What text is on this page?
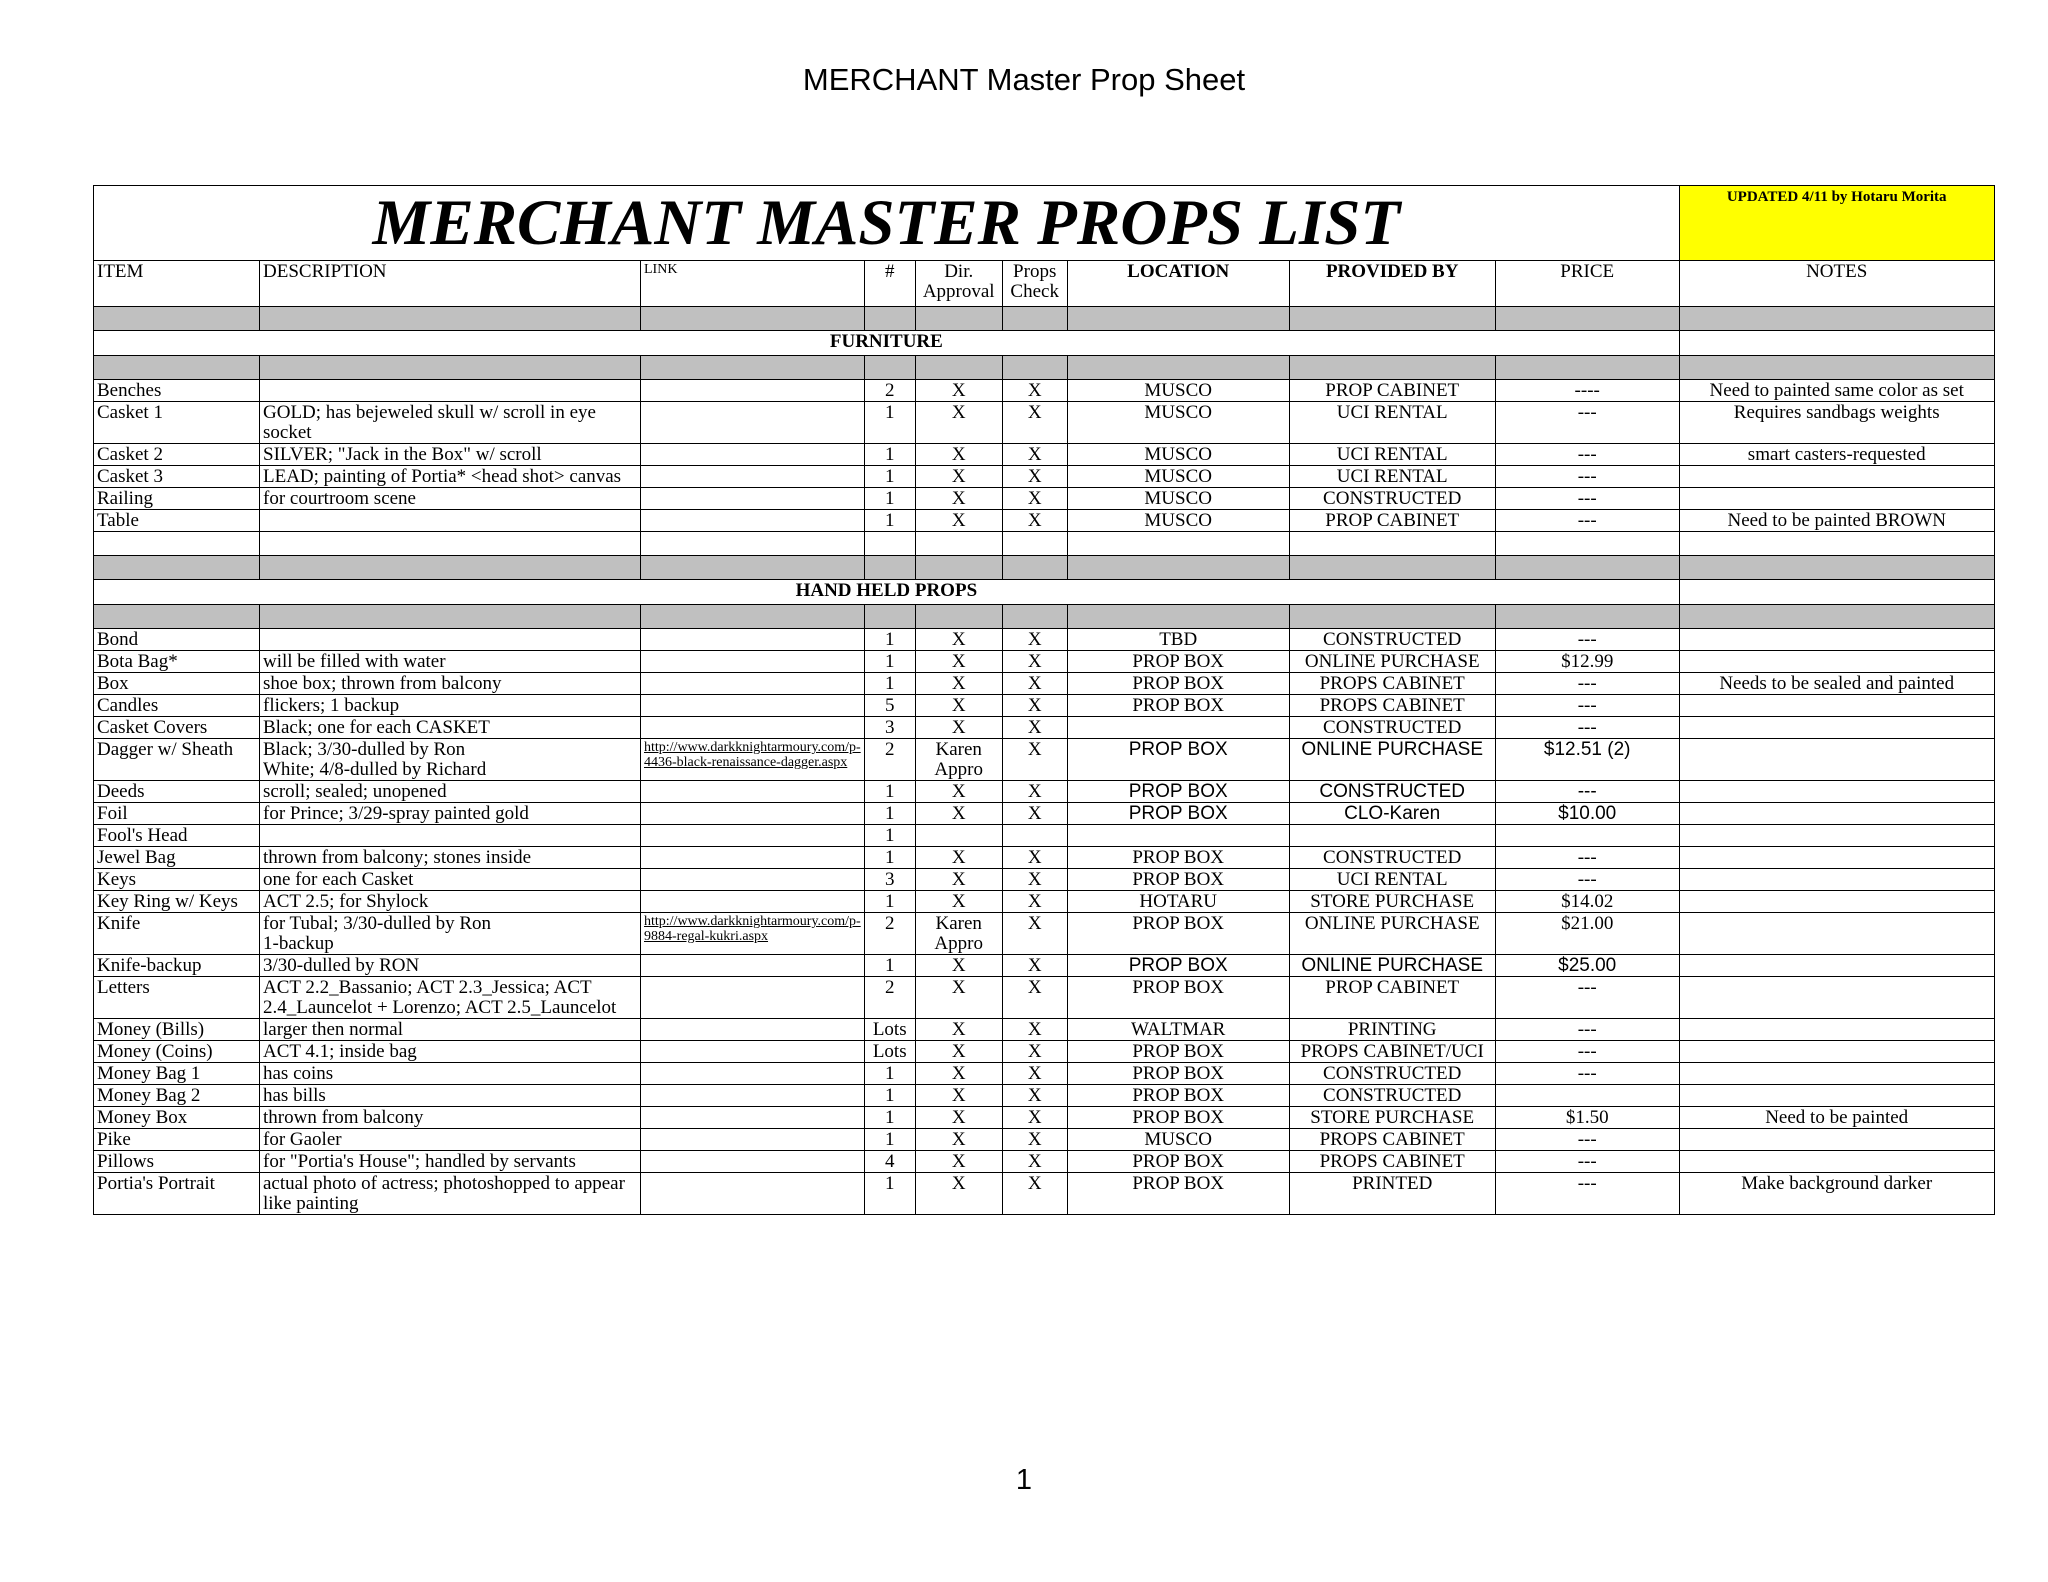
MERCHANT Master Prop Sheet
MERCHANT MASTER PROPS LIST									UPDATED 4/11 by Hotaru Morita
ITEM	DESCRIPTION	LINK	#	Dir. Approval	Props Check	LOCATION	PROVIDED BY	PRICE	NOTES

FURNITURE									

Benches			2	X	X	MUSCO	PROP CABINET	----	Need to painted same color as set
Casket 1	GOLD; has bejeweled skull w/ scroll in eye socket		1	X	X	MUSCO	UCI RENTAL	---	Requires sandbags weights
Casket 2	SILVER; "Jack in the Box" w/ scroll		1	X	X	MUSCO	UCI RENTAL	---	smart casters-requested
Casket 3	LEAD; painting of Portia* <head shot> canvas		1	X	X	MUSCO	UCI RENTAL	---	
Railing	for courtroom scene		1	X	X	MUSCO	CONSTRUCTED	---	
Table			1	X	X	MUSCO	PROP CABINET	---	Need to be painted BROWN

HAND HELD PROPS									

Bond			1	X	X	TBD	CONSTRUCTED	---	
Bota Bag*	will be filled with water		1	X	X	PROP BOX	ONLINE PURCHASE	$12.99	
Box	shoe box; thrown from balcony		1	X	X	PROP BOX	PROPS CABINET	---	Needs to be sealed and painted
Candles	flickers; 1 backup		5	X	X	PROP BOX	PROPS CABINET	---	
Casket Covers	Black; one for each CASKET		3	X	X		CONSTRUCTED	---	
Dagger w/ Sheath	Black; 3/30-dulled by Ron
White; 4/8-dulled by Richard	http://www.darkknightarmoury.com/p-4436-black-renaissance-dagger.aspx	2	Karen Appro	X	PROP BOX	ONLINE PURCHASE	$12.51 (2)	
Deeds	scroll; sealed; unopened		1	X	X	PROP BOX	CONSTRUCTED	---	
Foil	for Prince; 3/29-spray painted gold		1	X	X	PROP BOX	CLO-Karen	$10.00	
Fool's Head			1						
Jewel Bag	thrown from balcony; stones inside		1	X	X	PROP BOX	CONSTRUCTED	---	
Keys	one for each Casket		3	X	X	PROP BOX	UCI RENTAL	---	
Key Ring w/ Keys	ACT 2.5; for Shylock		1	X	X	HOTARU	STORE PURCHASE	$14.02	
Knife	for Tubal; 3/30-dulled by Ron
1-backup	http://www.darkknightarmoury.com/p-9884-regal-kukri.aspx	2	Karen Appro	X	PROP BOX	ONLINE PURCHASE	$21.00	
Knife-backup	3/30-dulled by RON		1	X	X	PROP BOX	ONLINE PURCHASE	$25.00	
Letters	ACT 2.2_Bassanio; ACT 2.3_Jessica; ACT 2.4_Launcelot + Lorenzo; ACT 2.5_Launcelot		2	X	X	PROP BOX	PROP CABINET	---	
Money (Bills)	larger then normal		Lots	X	X	WALTMAR	PRINTING	---	
Money (Coins)	ACT 4.1; inside bag		Lots	X	X	PROP BOX	PROPS CABINET/UCI	---	
Money Bag 1	has coins		1	X	X	PROP BOX	CONSTRUCTED	---	
Money Bag 2	has bills		1	X	X	PROP BOX	CONSTRUCTED		
Money Box	thrown from balcony		1	X	X	PROP BOX	STORE PURCHASE	$1.50	Need to be painted
Pike	for Gaoler		1	X	X	MUSCO	PROPS CABINET	---	
Pillows	for "Portia's House"; handled by servants		4	X	X	PROP BOX	PROPS CABINET	---	
Portia's Portrait	actual photo of actress; photoshopped to appear like painting		1	X	X	PROP BOX	PRINTED	---	Make background darker
1
